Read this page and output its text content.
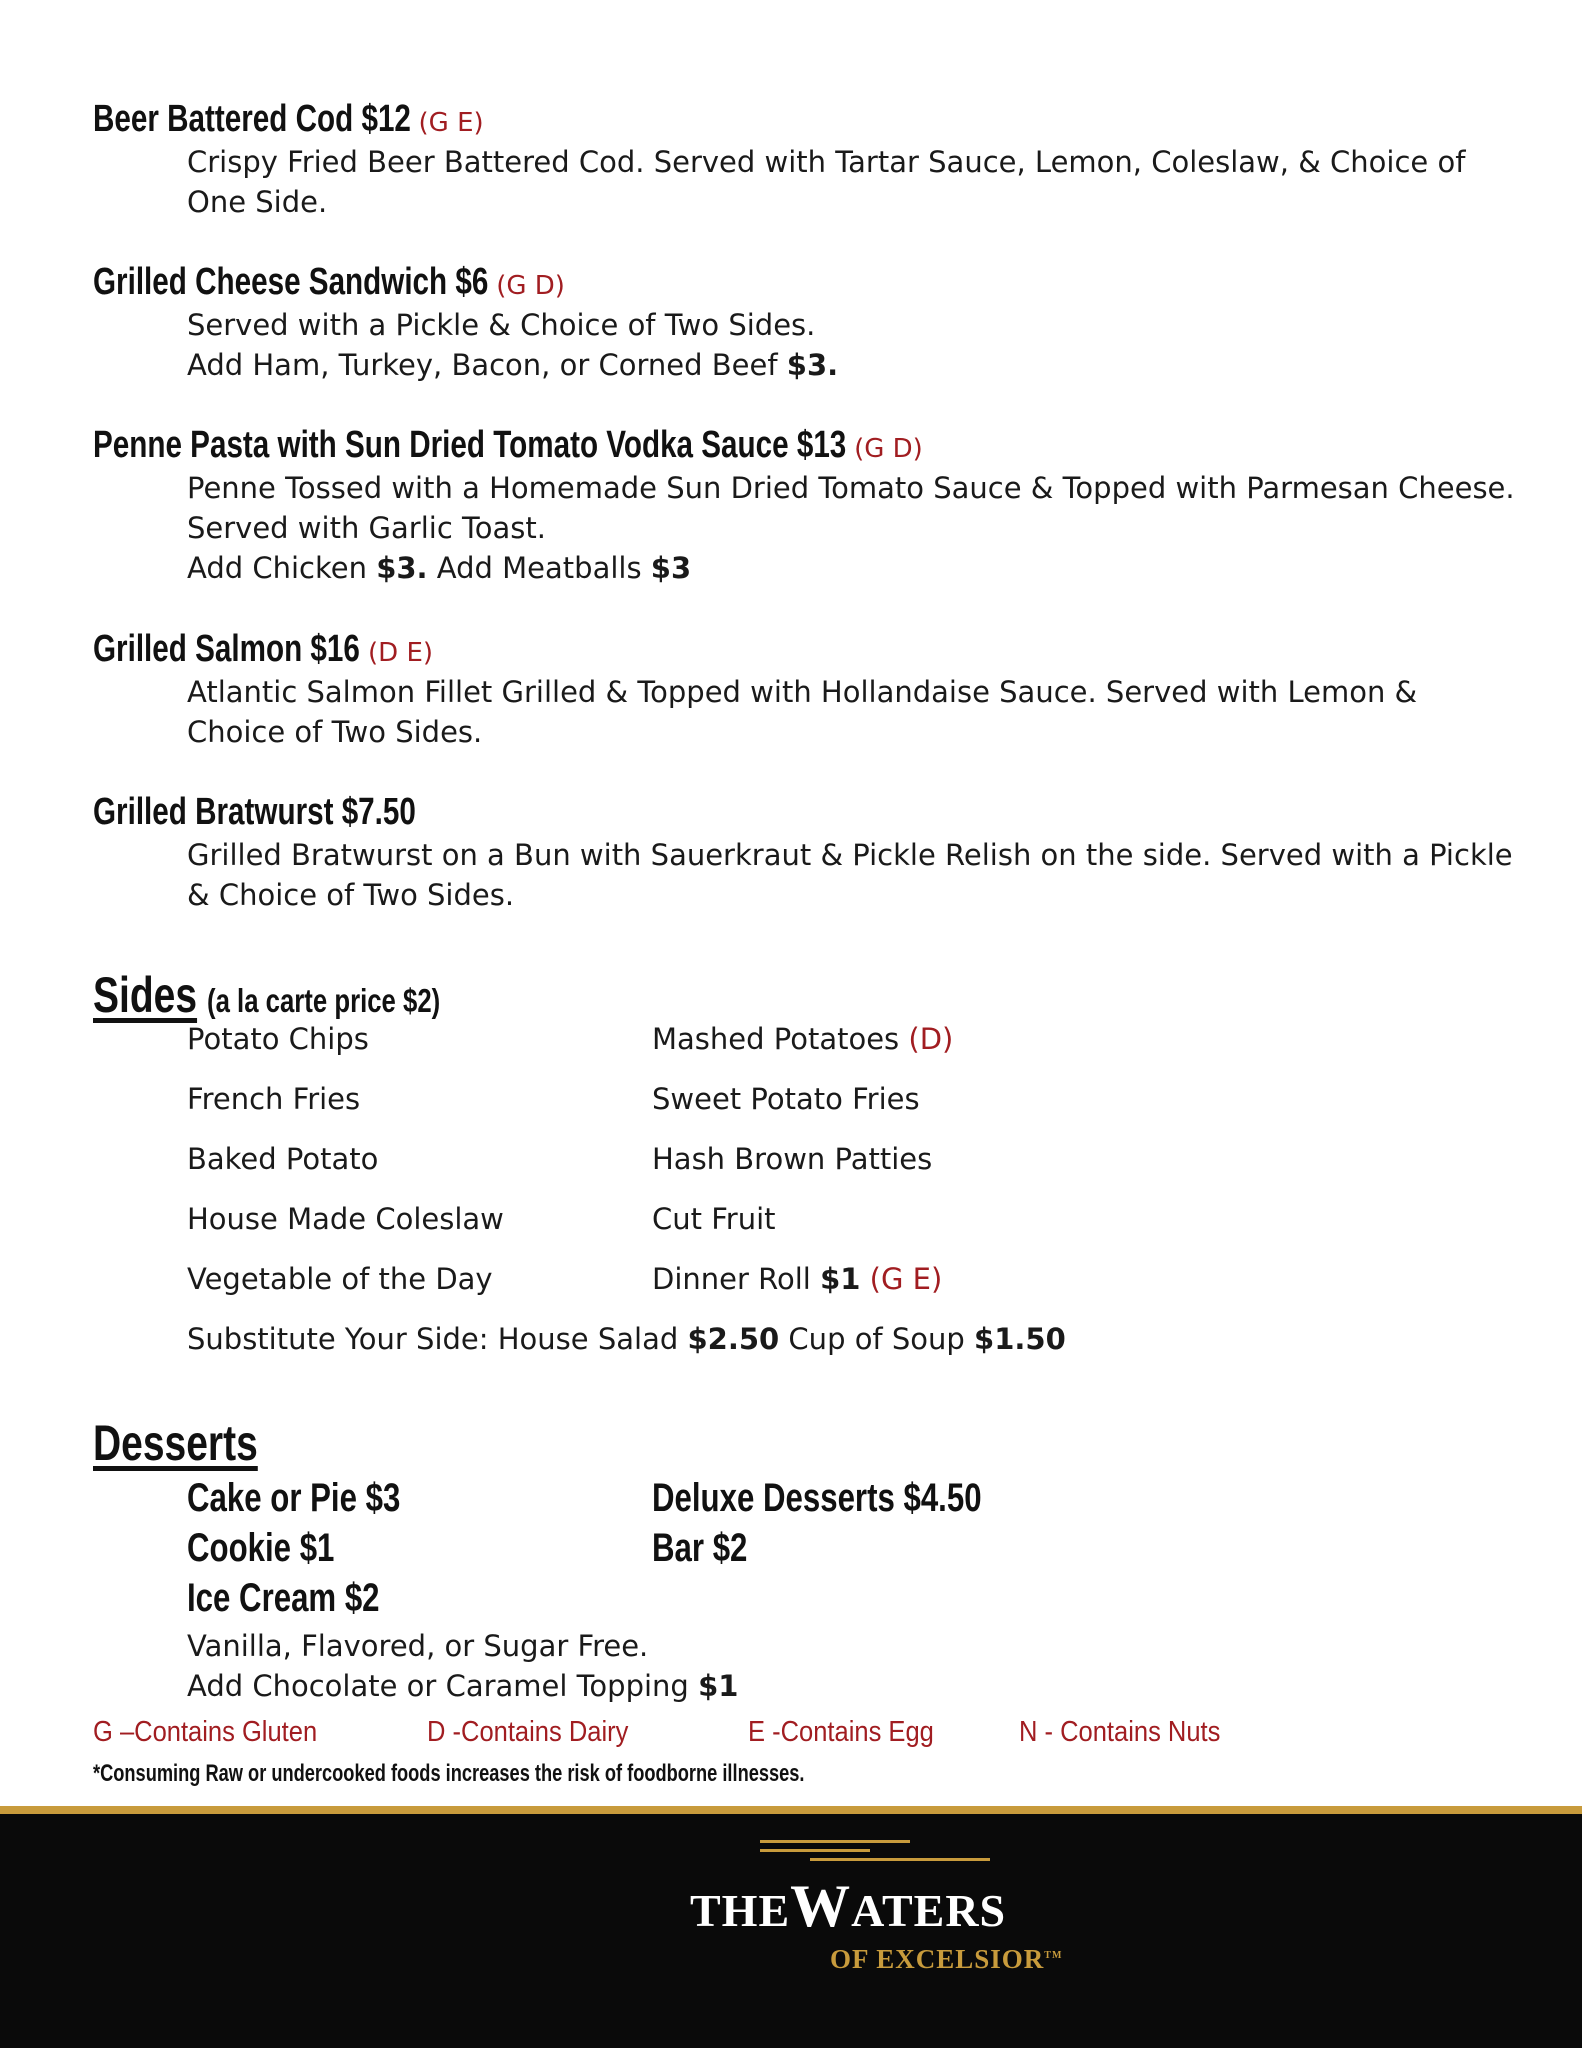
Beer Battered Cod $12 (G E)
Crispy Fried Beer Battered Cod. Served with Tartar Sauce, Lemon, Coleslaw, & Choice of One Side.
Grilled Cheese Sandwich $6 (G D)
Served with a Pickle & Choice of Two Sides.
Add Ham, Turkey, Bacon, or Corned Beef $3.
Penne Pasta with Sun Dried Tomato Vodka Sauce $13 (G D)
Penne Tossed with a Homemade Sun Dried Tomato Sauce & Topped with Parmesan Cheese. Served with Garlic Toast.
Add Chicken $3. Add Meatballs $3
Grilled Salmon $16 (D E)
Atlantic Salmon Fillet Grilled & Topped with Hollandaise Sauce. Served with Lemon & Choice of Two Sides.
Grilled Bratwurst $7.50
Grilled Bratwurst on a Bun with Sauerkraut & Pickle Relish on the side. Served with a Pickle & Choice of Two Sides.
Sides (a la carte price $2)
Potato Chips	Mashed Potatoes (D)
French Fries	Sweet Potato Fries
Baked Potato	Hash Brown Patties
House Made Coleslaw	Cut Fruit
Vegetable of the Day	Dinner Roll $1 (G E)
Substitute Your Side: House Salad $2.50 Cup of Soup $1.50
Desserts
Cake or Pie $3	Deluxe Desserts $4.50
Cookie $1	Bar $2
Ice Cream $2
Vanilla, Flavored, or Sugar Free.
Add Chocolate or Caramel Topping $1
G –Contains Gluten	D -Contains Dairy	E -Contains Egg	N - Contains Nuts
*Consuming Raw or undercooked foods increases the risk of foodborne illnesses.
THEWATERS
OF EXCELSIOR™
